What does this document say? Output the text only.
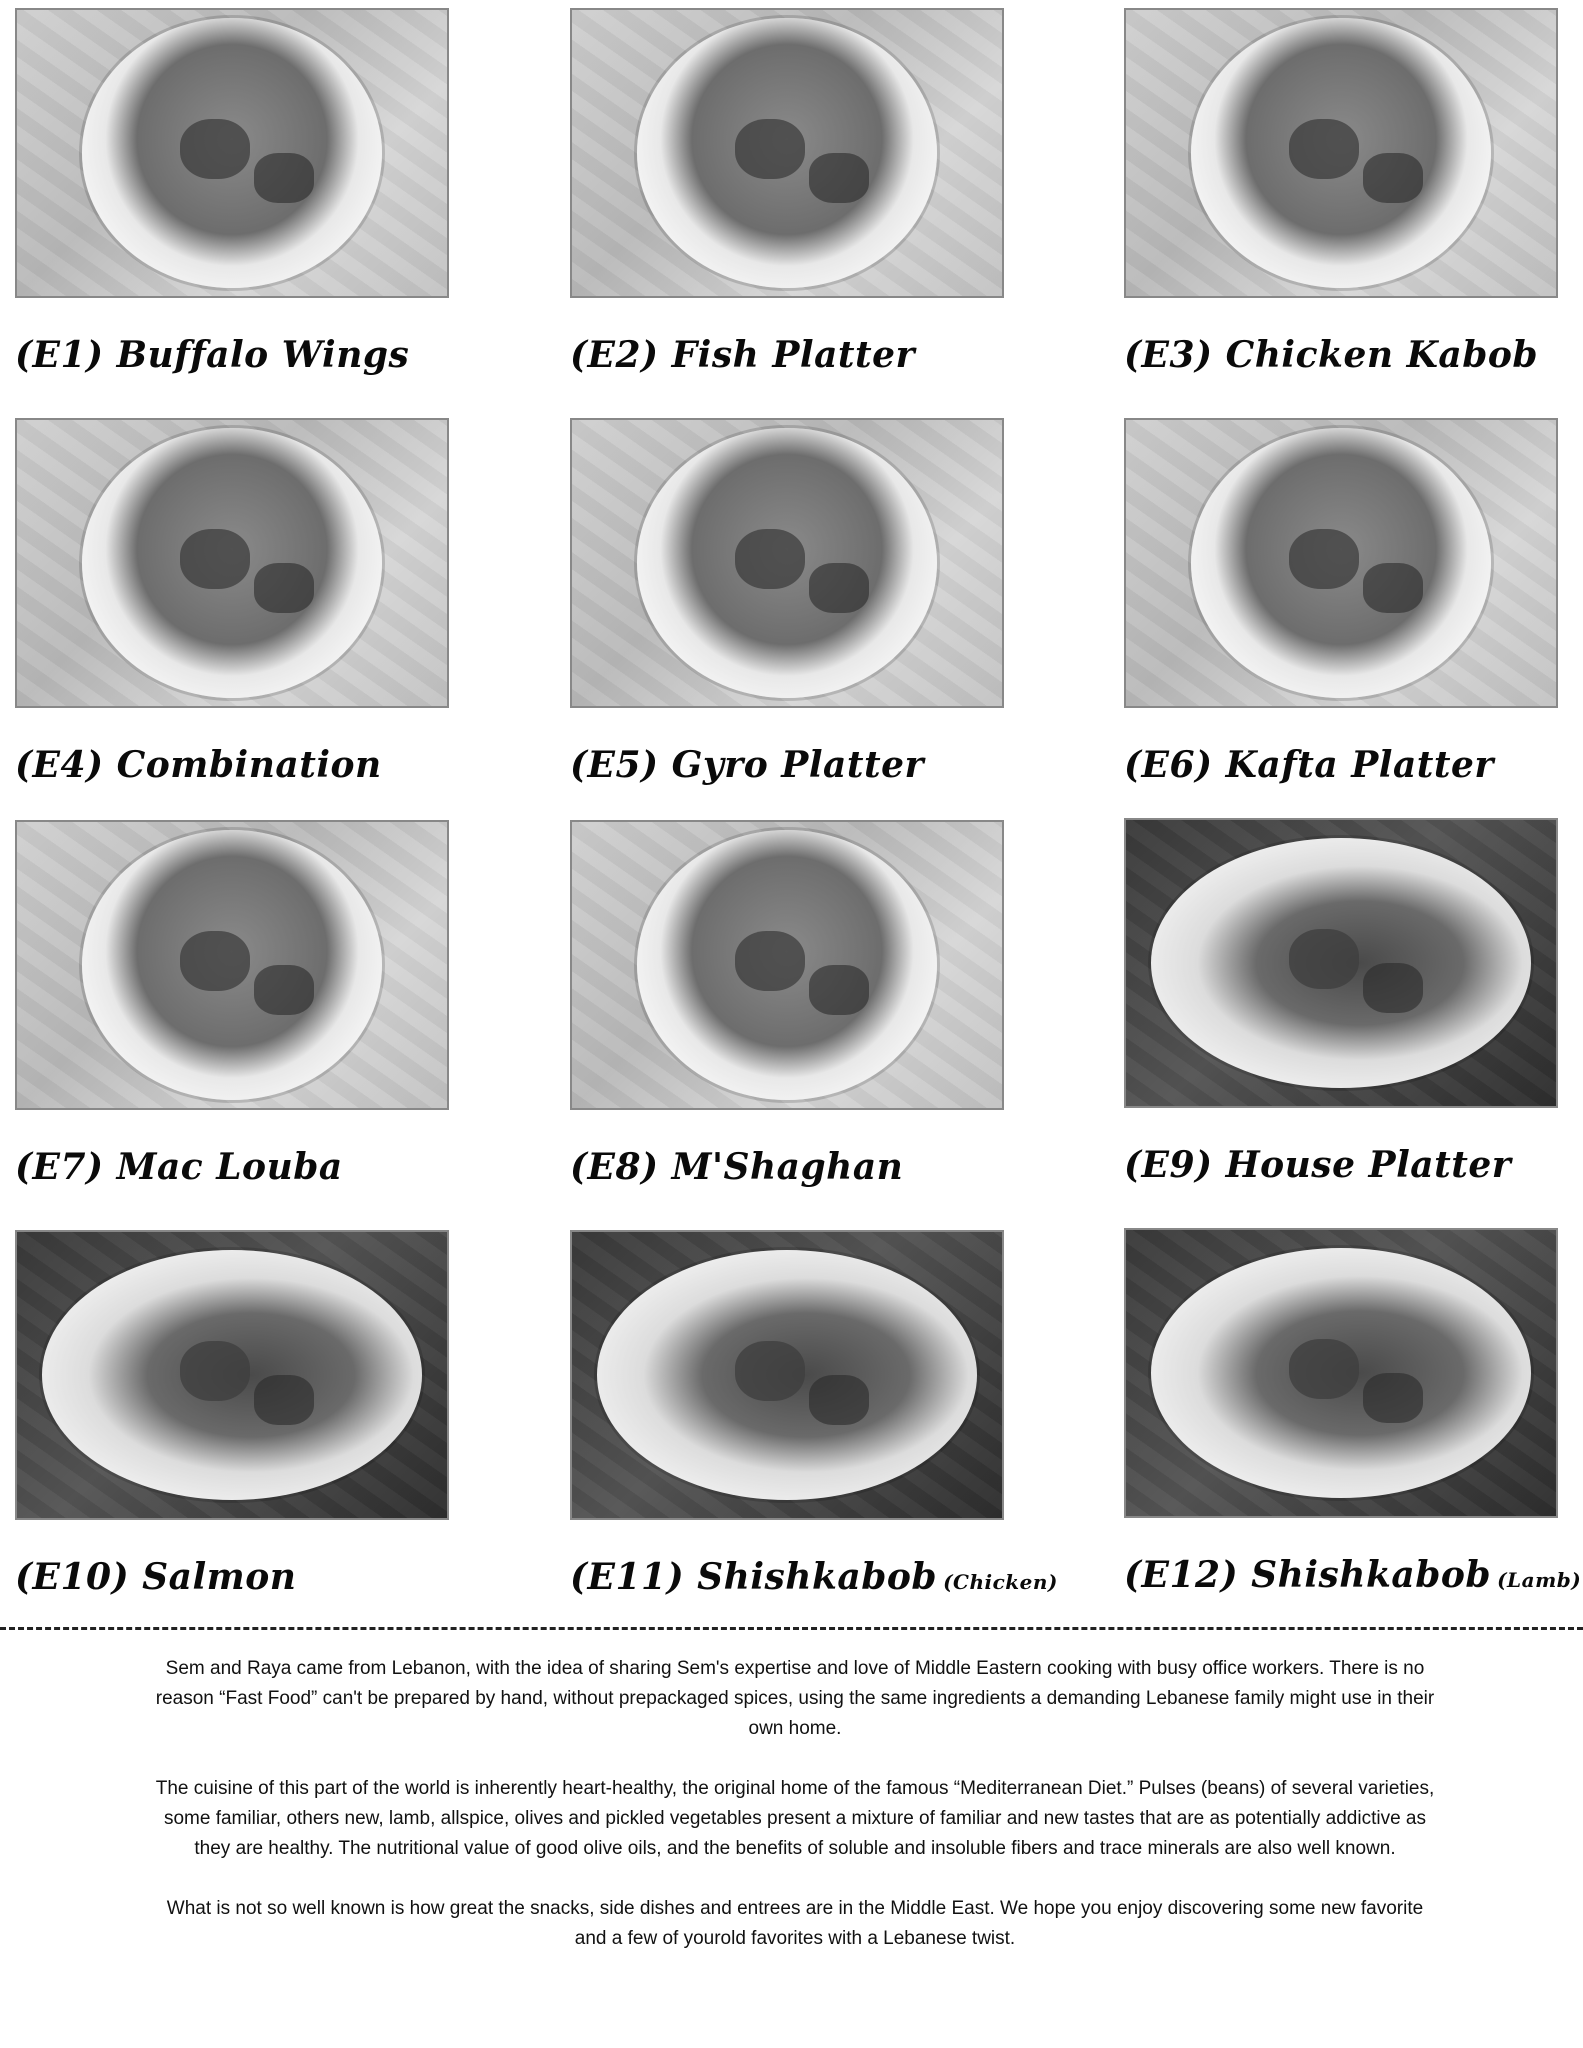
(E1) Buffalo Wings	(E2) Fish Platter	(E3) Chicken Kabob
(E4) Combination	(E5) Gyro Platter	(E6) Kafta Platter
(E7) Mac Louba	(E8) M'Shaghan	(E9) House Platter
(E10) Salmon	(E11) Shishkabob (Chicken) (E12) Shishkabob (Lamb)

Sem and Raya came from Lebanon, with the idea of sharing Sem's expertise and love of Middle Eastern cooking with busy office workers. There is no reason “Fast Food” can't be prepared by hand, without prepackaged spices, using the same ingredients a demanding Lebanese family might use in their own home.

The cuisine of this part of the world is inherently heart-healthy, the original home of the famous “Mediterranean Diet.” Pulses (beans) of several varieties, some familiar, others new, lamb, allspice, olives and pickled vegetables present a mixture of familiar and new tastes that are as potentially addictive as they are healthy. The nutritional value of good olive oils, and the benefits of soluble and insoluble fibers and trace minerals are also well known.

What is not so well known is how great the snacks, side dishes and entrees are in the Middle East. We hope you enjoy discovering some new favorite and a few of yourold favorites with a Lebanese twist.
